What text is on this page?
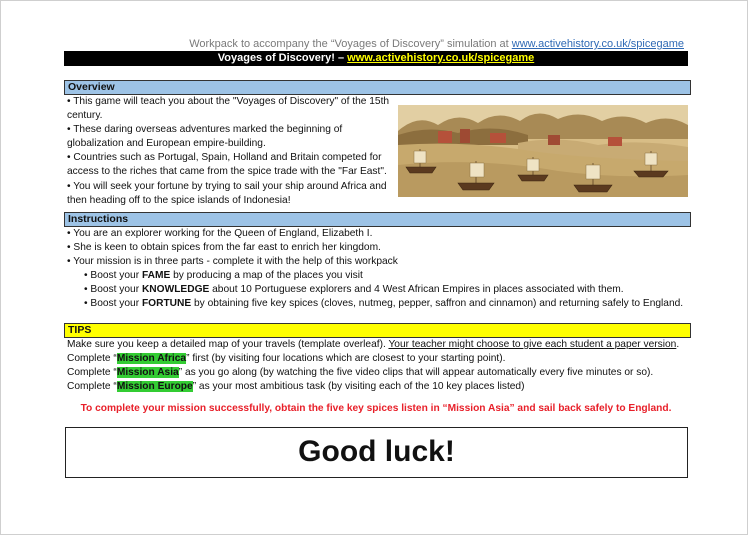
Workpack to accompany the “Voyages of Discovery” simulation at www.activehistory.co.uk/spicegame
Voyages of Discovery! – www.activehistory.co.uk/spicegame
Overview

• This game will teach you about the "Voyages of Discovery" of the 15th century.

• These daring overseas adventures marked the beginning of globalization and European empire-building.

• Countries such as Portugal, Spain, Holland and Britain competed for access to the riches that came from the spice trade with the "Far East".

• You will seek your fortune by trying to sail your ship around Africa and then heading off to the spice islands of Indonesia!

Instructions

• You are an explorer working for the Queen of England, Elizabeth I.

• She is keen to obtain spices from the far east to enrich her kingdom.

• Your mission is in three parts - complete it with the help of this workpack

• Boost your FAME by producing a map of the places you visit

• Boost your KNOWLEDGE about 10 Portuguese explorers and 4 West African Empires in places associated with them.

• Boost your FORTUNE by obtaining five key spices (cloves, nutmeg, pepper, saffron and cinnamon) and returning safely to England.

TIPS

Make sure you keep a detailed map of your travels (template overleaf). Your teacher might choose to give each student a paper version.

Complete “Mission Africa” first (by visiting four locations which are closest to your starting point).

Complete “Mission Asia” as you go along (by watching the five video clips that will appear automatically every five minutes or so).

Complete “Mission Europe” as your most ambitious task (by visiting each of the 10 key places listed)

To complete your mission successfully, obtain the five key spices listen in “Mission Asia” and sail back safely to England.
Good luck!
